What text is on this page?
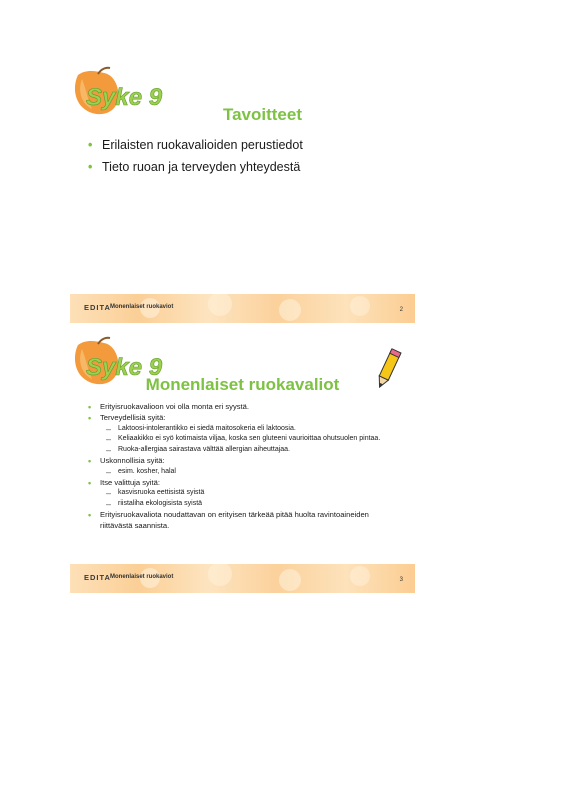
Syke 9
Tavoitteet
• Erilaisten ruokavalioiden perustiedot
• Tieto ruoan ja terveyden yhteydestä
EDITA Monenlaiset ruokaviot	2
Syke 9
Monenlaiset ruokavaliot
• Erityisruokavalioon voi olla monta eri syystä.
• Terveydellisiä syitä:
– Laktoosi-intolerantikko ei siedä maitosokeria eli laktoosia.
– Keliaakikko ei syö kotimaista viljaa, koska sen gluteeni vaurioittaa ohutsuolen pintaa.
– Ruoka-allergiaa sairastava välttää allergian aiheuttajaa.
• Uskonnollisia syitä:
– esim. kosher, halal
• Itse valittuja syitä:
– kasvisruoka eettisistä syistä
– riistaliha ekologisista syistä
• Erityisruokavaliota noudattavan on erityisen tärkeää pitää huolta ravintoaineiden riittävästä saannista.
EDITA Monenlaiset ruokaviot	3
